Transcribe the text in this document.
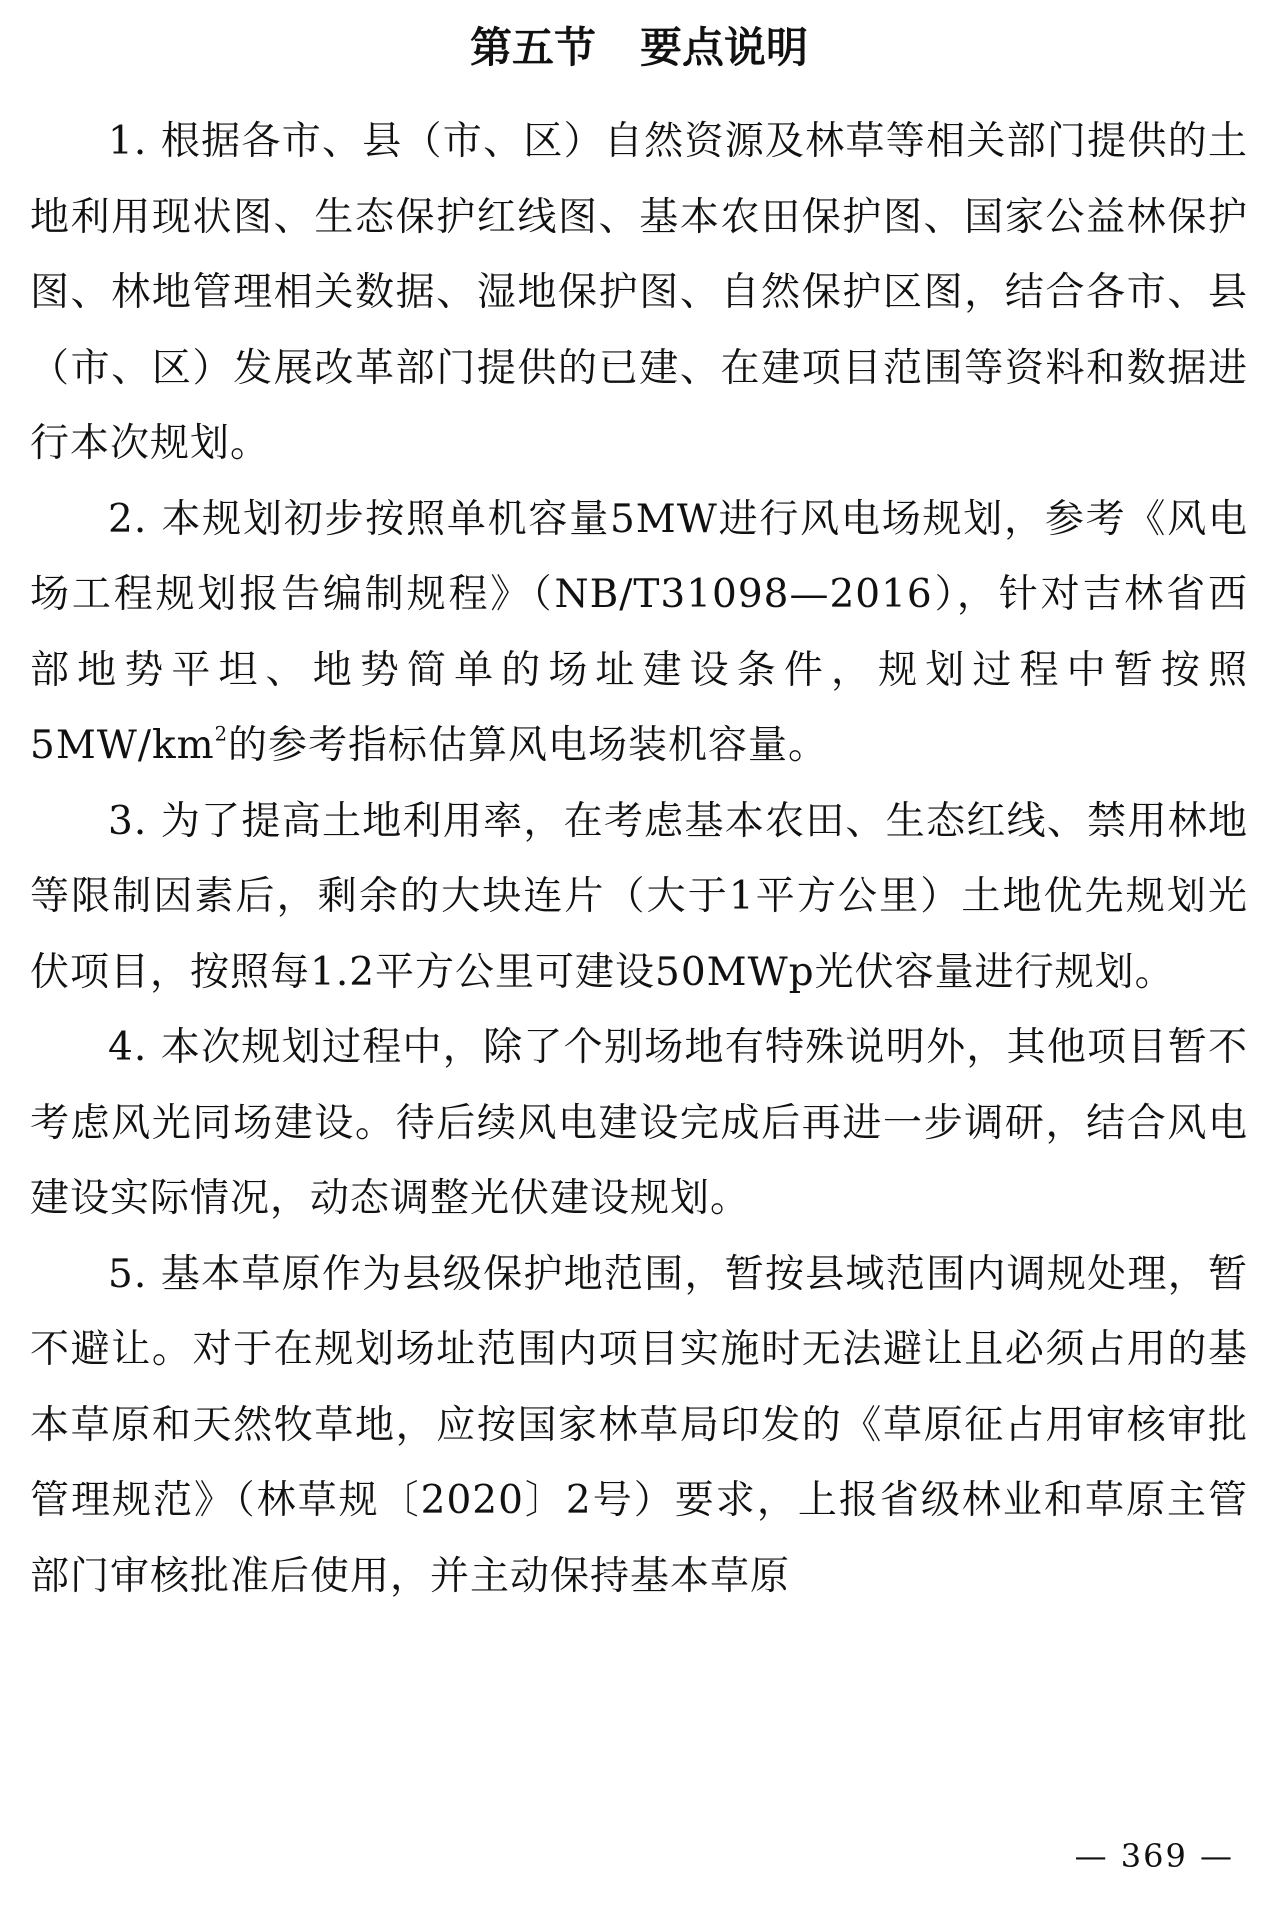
第五节 要点说明

1. 根据各市、县（市、区）自然资源及林草等相关部门提供的土地利用现状图、生态保护红线图、基本农田保护图、国家公益林保护图、林地管理相关数据、湿地保护图、自然保护区图，结合各市、县（市、区）发展改革部门提供的已建、在建项目范围等资料和数据进行本次规划。

2. 本规划初步按照单机容量5MW进行风电场规划，参考《风电场工程规划报告编制规程》（NB/T31098—2016），针对吉林省西部地势平坦、地势简单的场址建设条件，规划过程中暂按照$5MW/km^2$的参考指标估算风电场装机容量。

3. 为了提高土地利用率，在考虑基本农田、生态红线、禁用林地等限制因素后，剩余的大块连片（大于1平方公里）土地优先规划光伏项目，按照每1.2平方公里可建设50MWp光伏容量进行规划。

4. 本次规划过程中，除了个别场地有特殊说明外，其他项目暂不考虑风光同场建设。待后续风电建设完成后再进一步调研，结合风电建设实际情况，动态调整光伏建设规划。

5. 基本草原作为县级保护地范围，暂按县域范围内调规处理，暂不避让。对于在规划场址范围内项目实施时无法避让且必须占用的基本草原和天然牧草地，应按国家林草局印发的《草原征占用审核审批管理规范》（林草规〔2020〕2号）要求，上报省级林业和草原主管部门审核批准后使用，并主动保持基本草原

— 369 —
